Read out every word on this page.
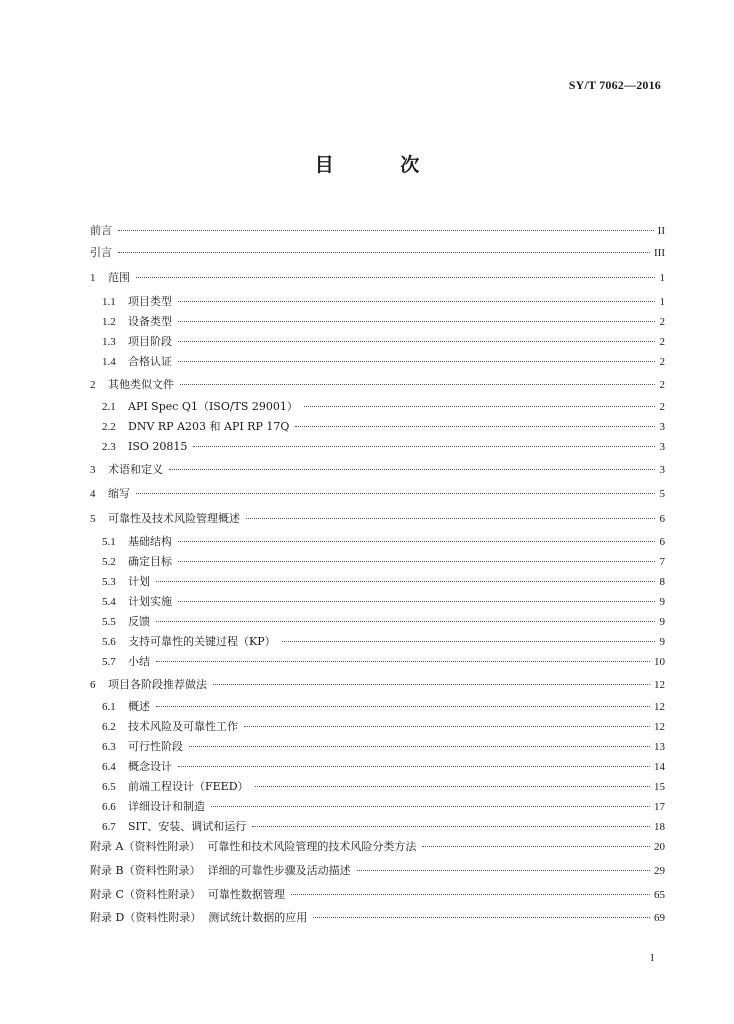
SY/T 7062—2016
目 次
前言	II
引言	III
1	范围	1
1.1	项目类型	1
1.2	设备类型	2
1.3	项目阶段	2
1.4	合格认证	2
2	其他类似文件	2
2.1	API Spec Q1（ISO/TS 29001）	2
2.2	DNV RP A203 和 API RP 17Q	3
2.3	ISO 20815	3
3	术语和定义	3
4	缩写	5
5	可靠性及技术风险管理概述	6
5.1	基础结构	6
5.2	确定目标	7
5.3	计划	8
5.4	计划实施	9
5.5	反馈	9
5.6	支持可靠性的关键过程（KP）	9
5.7	小结	10
6	项目各阶段推荐做法	12
6.1	概述	12
6.2	技术风险及可靠性工作	12
6.3	可行性阶段	13
6.4	概念设计	14
6.5	前端工程设计（FEED）	15
6.6	详细设计和制造	17
6.7	SIT、安装、调试和运行	18
附录 A（资料性附录）  可靠性和技术风险管理的技术风险分类方法	20
附录 B（资料性附录）  详细的可靠性步骤及活动描述	29
附录 C（资料性附录）  可靠性数据管理	65
附录 D（资料性附录）  测试统计数据的应用	69
I
